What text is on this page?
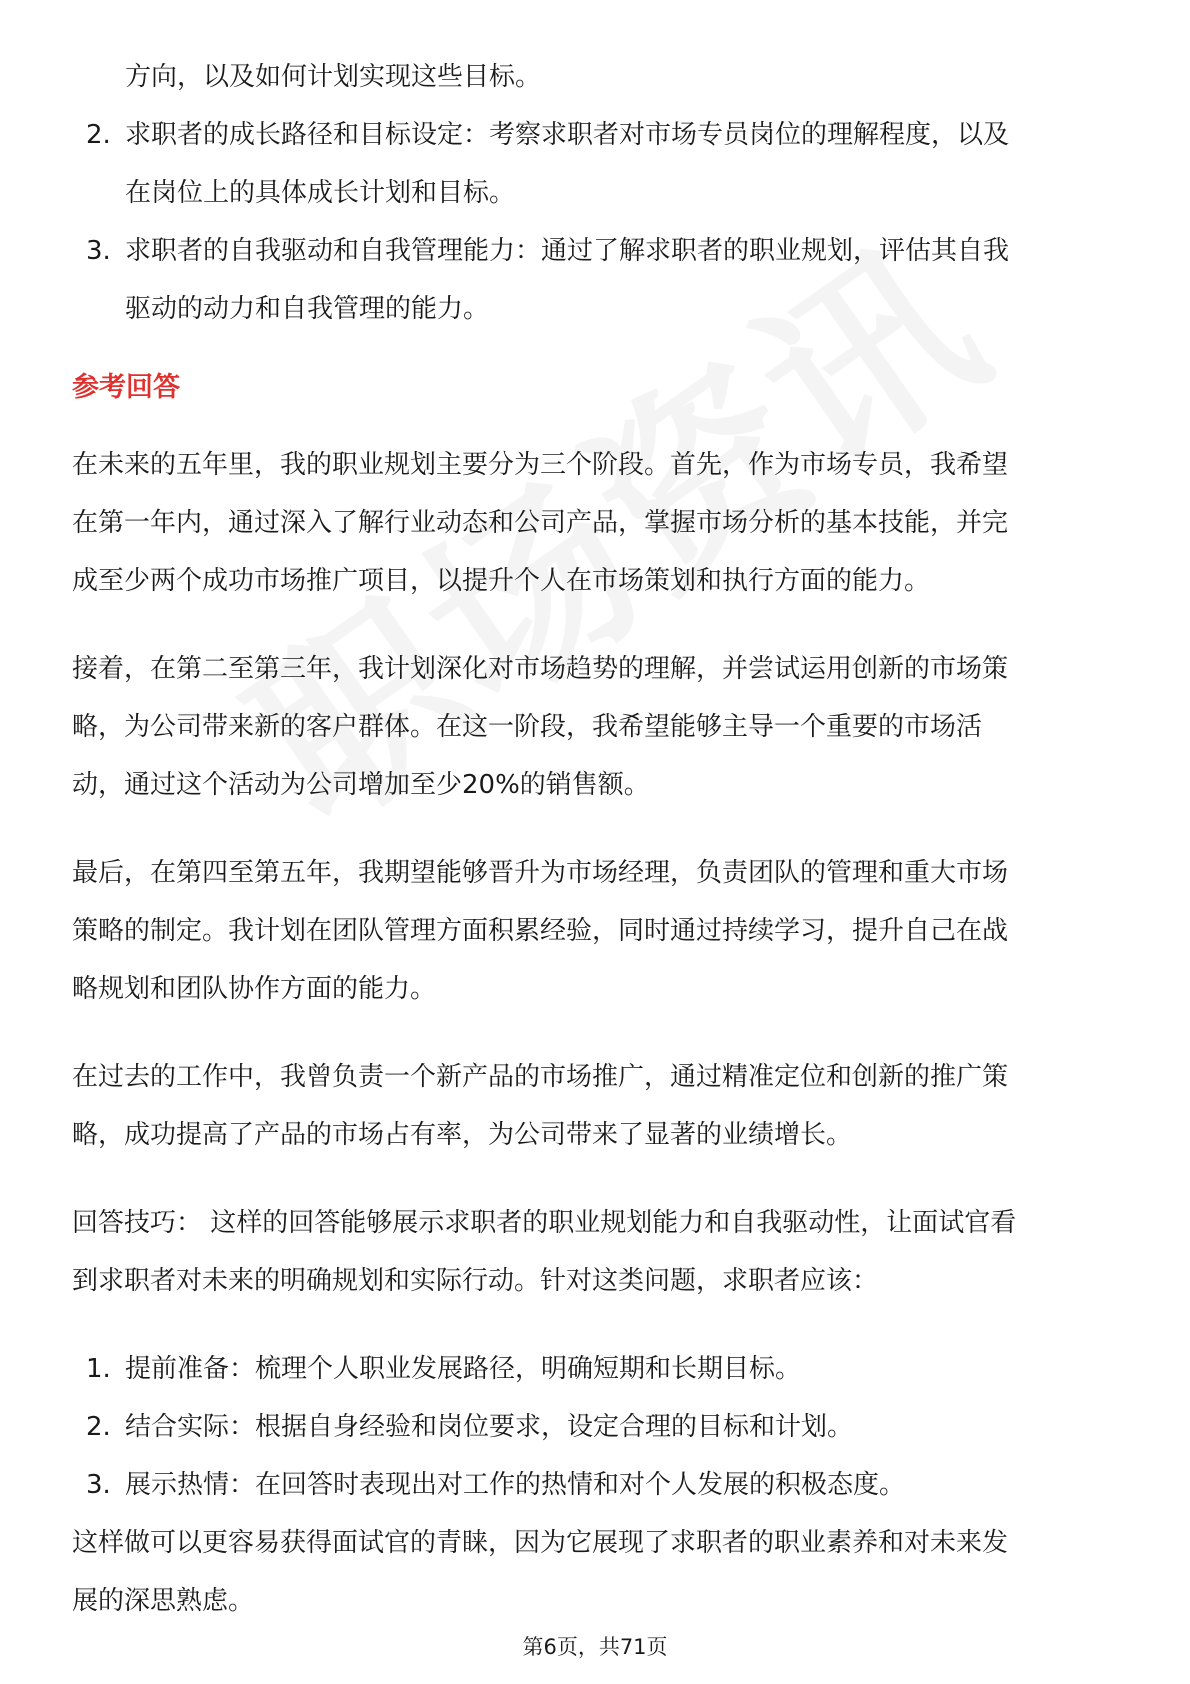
方向，以及如何计划实现这些目标。

2. 求职者的成长路径和目标设定：考察求职者对市场专员岗位的理解程度，以及
在岗位上的具体成长计划和目标。
3. 求职者的自我驱动和自我管理能力：通过了解求职者的职业规划，评估其自我
驱动的动力和自我管理的能力。
参考回答

在未来的五年里，我的职业规划主要分为三个阶段。首先，作为市场专员，我希望

在第一年内，通过深入了解行业动态和公司产品，掌握市场分析的基本技能，并完

成至少两个成功市场推广项目，以提升个人在市场策划和执行方面的能力。

接着，在第二至第三年，我计划深化对市场趋势的理解，并尝试运用创新的市场策

略，为公司带来新的客户群体。在这一阶段，我希望能够主导一个重要的市场活

动，通过这个活动为公司增加至少20%的销售额。

最后，在第四至第五年，我期望能够晋升为市场经理，负责团队的管理和重大市场

策略的制定。我计划在团队管理方面积累经验，同时通过持续学习，提升自己在战

略规划和团队协作方面的能力。

在过去的工作中，我曾负责一个新产品的市场推广，通过精准定位和创新的推广策

略，成功提高了产品的市场占有率，为公司带来了显著的业绩增长。

回答技巧： 这样的回答能够展示求职者的职业规划能力和自我驱动性，让面试官看

到求职者对未来的明确规划和实际行动。针对这类问题，求职者应该：

1. 提前准备：梳理个人职业发展路径，明确短期和长期目标。
2. 结合实际：根据自身经验和岗位要求，设定合理的目标和计划。
3. 展示热情：在回答时表现出对工作的热情和对个人发展的积极态度。

这样做可以更容易获得面试官的青睐，因为它展现了求职者的职业素养和对未来发

展的深思熟虑。

第6页，共71页
